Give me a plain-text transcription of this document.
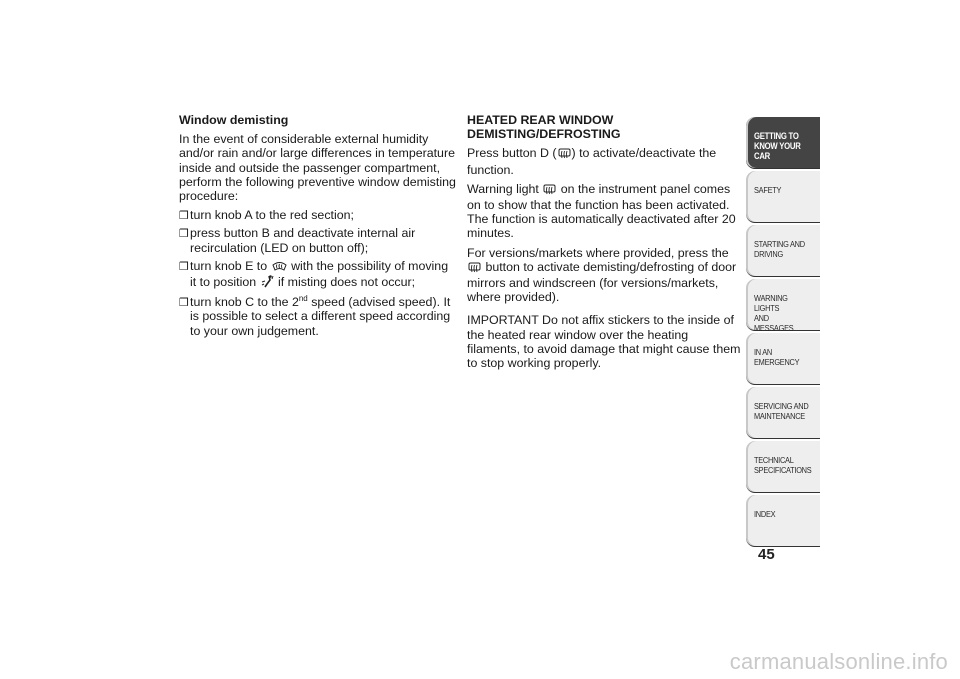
Window demisting
In the event of considerable external humidity and/or rain and/or large differences in temperature inside and outside the passenger compartment, perform the following preventive window demisting procedure:
❒ turn knob A to the red section;
❒ press button B and deactivate internal air recirculation (LED on button off);
❒ turn knob E to with the possibility of moving it to position if misting does not occur;
❒ turn knob C to the 2nd speed (advised speed). It is possible to select a different speed according to your own judgement.
HEATED REAR WINDOW DEMISTING/DEFROSTING
Press button D ( ) to activate/deactivate the function.
Warning light on the instrument panel comes on to show that the function has been activated. The function is automatically deactivated after 20 minutes.
For versions/markets where provided, press the  button to activate demisting/defrosting of door mirrors and windscreen (for versions/markets, where provided).
IMPORTANT Do not affix stickers to the inside of the heated rear window over the heating filaments, to avoid damage that might cause them to stop working properly.
GETTING TO
KNOW YOUR CAR
SAFETY
STARTING AND
DRIVING
WARNING LIGHTS
AND MESSAGES
IN AN EMERGENCY
SERVICING AND
MAINTENANCE
TECHNICAL
SPECIFICATIONS
INDEX
45
carmanualsonline.info
